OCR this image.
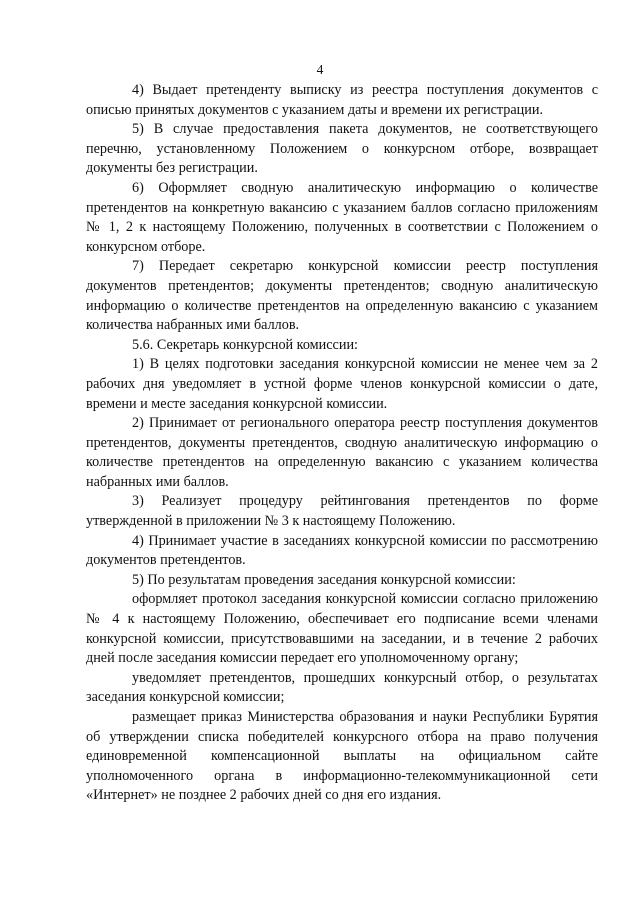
4

4) Выдает претенденту выписку из реестра поступления документов с описью принятых документов с указанием даты и времени их регистрации.

5) В случае предоставления пакета документов, не соответствующего перечню, установленному Положением о конкурсном отборе, возвращает документы без регистрации.

6) Оформляет сводную аналитическую информацию о количестве претендентов на конкретную вакансию с указанием баллов согласно приложениям № 1, 2 к настоящему Положению, полученных в соответствии с Положением о конкурсном отборе.

7) Передает секретарю конкурсной комиссии реестр поступления документов претендентов; документы претендентов; сводную аналитическую информацию о количестве претендентов на определенную вакансию с указанием количества набранных ими баллов.

5.6. Секретарь конкурсной комиссии:

1) В целях подготовки заседания конкурсной комиссии не менее чем за 2 рабочих дня уведомляет в устной форме членов конкурсной комиссии о дате, времени и месте заседания конкурсной комиссии.

2) Принимает от регионального оператора реестр поступления документов претендентов, документы претендентов, сводную аналитическую информацию о количестве претендентов на определенную вакансию с указанием количества набранных ими баллов.

3) Реализует процедуру рейтингования претендентов по форме утвержденной в приложении № 3 к настоящему Положению.

4) Принимает участие в заседаниях конкурсной комиссии по рассмотрению документов претендентов.

5) По результатам проведения заседания конкурсной комиссии:

оформляет протокол заседания конкурсной комиссии согласно приложению № 4 к настоящему Положению, обеспечивает его подписание всеми членами конкурсной комиссии, присутствовавшими на заседании, и в течение 2 рабочих дней после заседания комиссии передает его уполномоченному органу;

уведомляет претендентов, прошедших конкурсный отбор, о результатах заседания конкурсной комиссии;

размещает приказ Министерства образования и науки Республики Бурятия об утверждении списка победителей конкурсного отбора на право получения единовременной компенсационной выплаты на официальном сайте уполномоченного органа в информационно-телекоммуникационной сети «Интернет» не позднее 2 рабочих дней со дня его издания.
